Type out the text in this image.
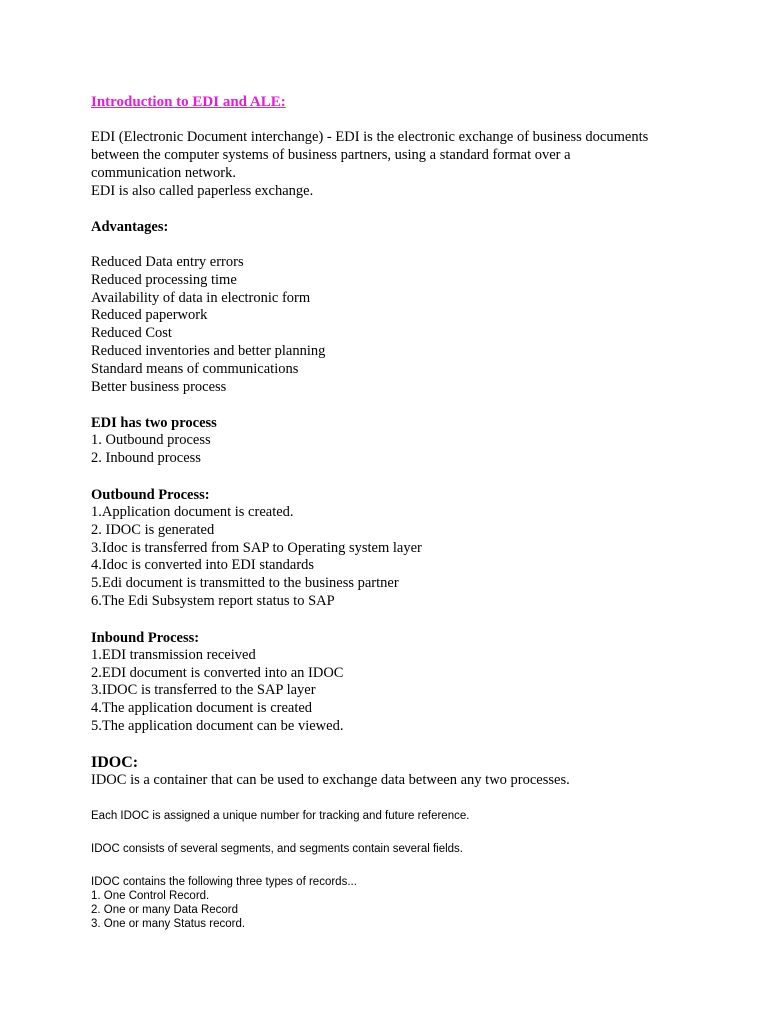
Introduction to EDI and ALE:

EDI (Electronic Document interchange) - EDI is the electronic exchange of business documents

between the computer systems of business partners, using a standard format over a

communication network.

EDI is also called paperless exchange.

Advantages:

Reduced Data entry errors

Reduced processing time

Availability of data in electronic form

Reduced paperwork

Reduced Cost

Reduced inventories and better planning

Standard means of communications

Better business process

EDI has two process

1. Outbound process

2. Inbound process

Outbound Process:

1.Application document is created.

2. IDOC is generated

3.Idoc is transferred from SAP to Operating system layer

4.Idoc is converted into EDI standards

5.Edi document is transmitted to the business partner

6.The Edi Subsystem report status to SAP

Inbound Process:

1.EDI transmission received

2.EDI document is converted into an IDOC

3.IDOC is transferred to the SAP layer

4.The application document is created

5.The application document can be viewed.

IDOC:

IDOC is a container that can be used to exchange data between any two processes.

Each IDOC is assigned a unique number for tracking and future reference.

IDOC consists of several segments, and segments contain several fields.

IDOC contains the following three types of records...

1. One Control Record.

2. One or many Data Record

3. One or many Status record.
